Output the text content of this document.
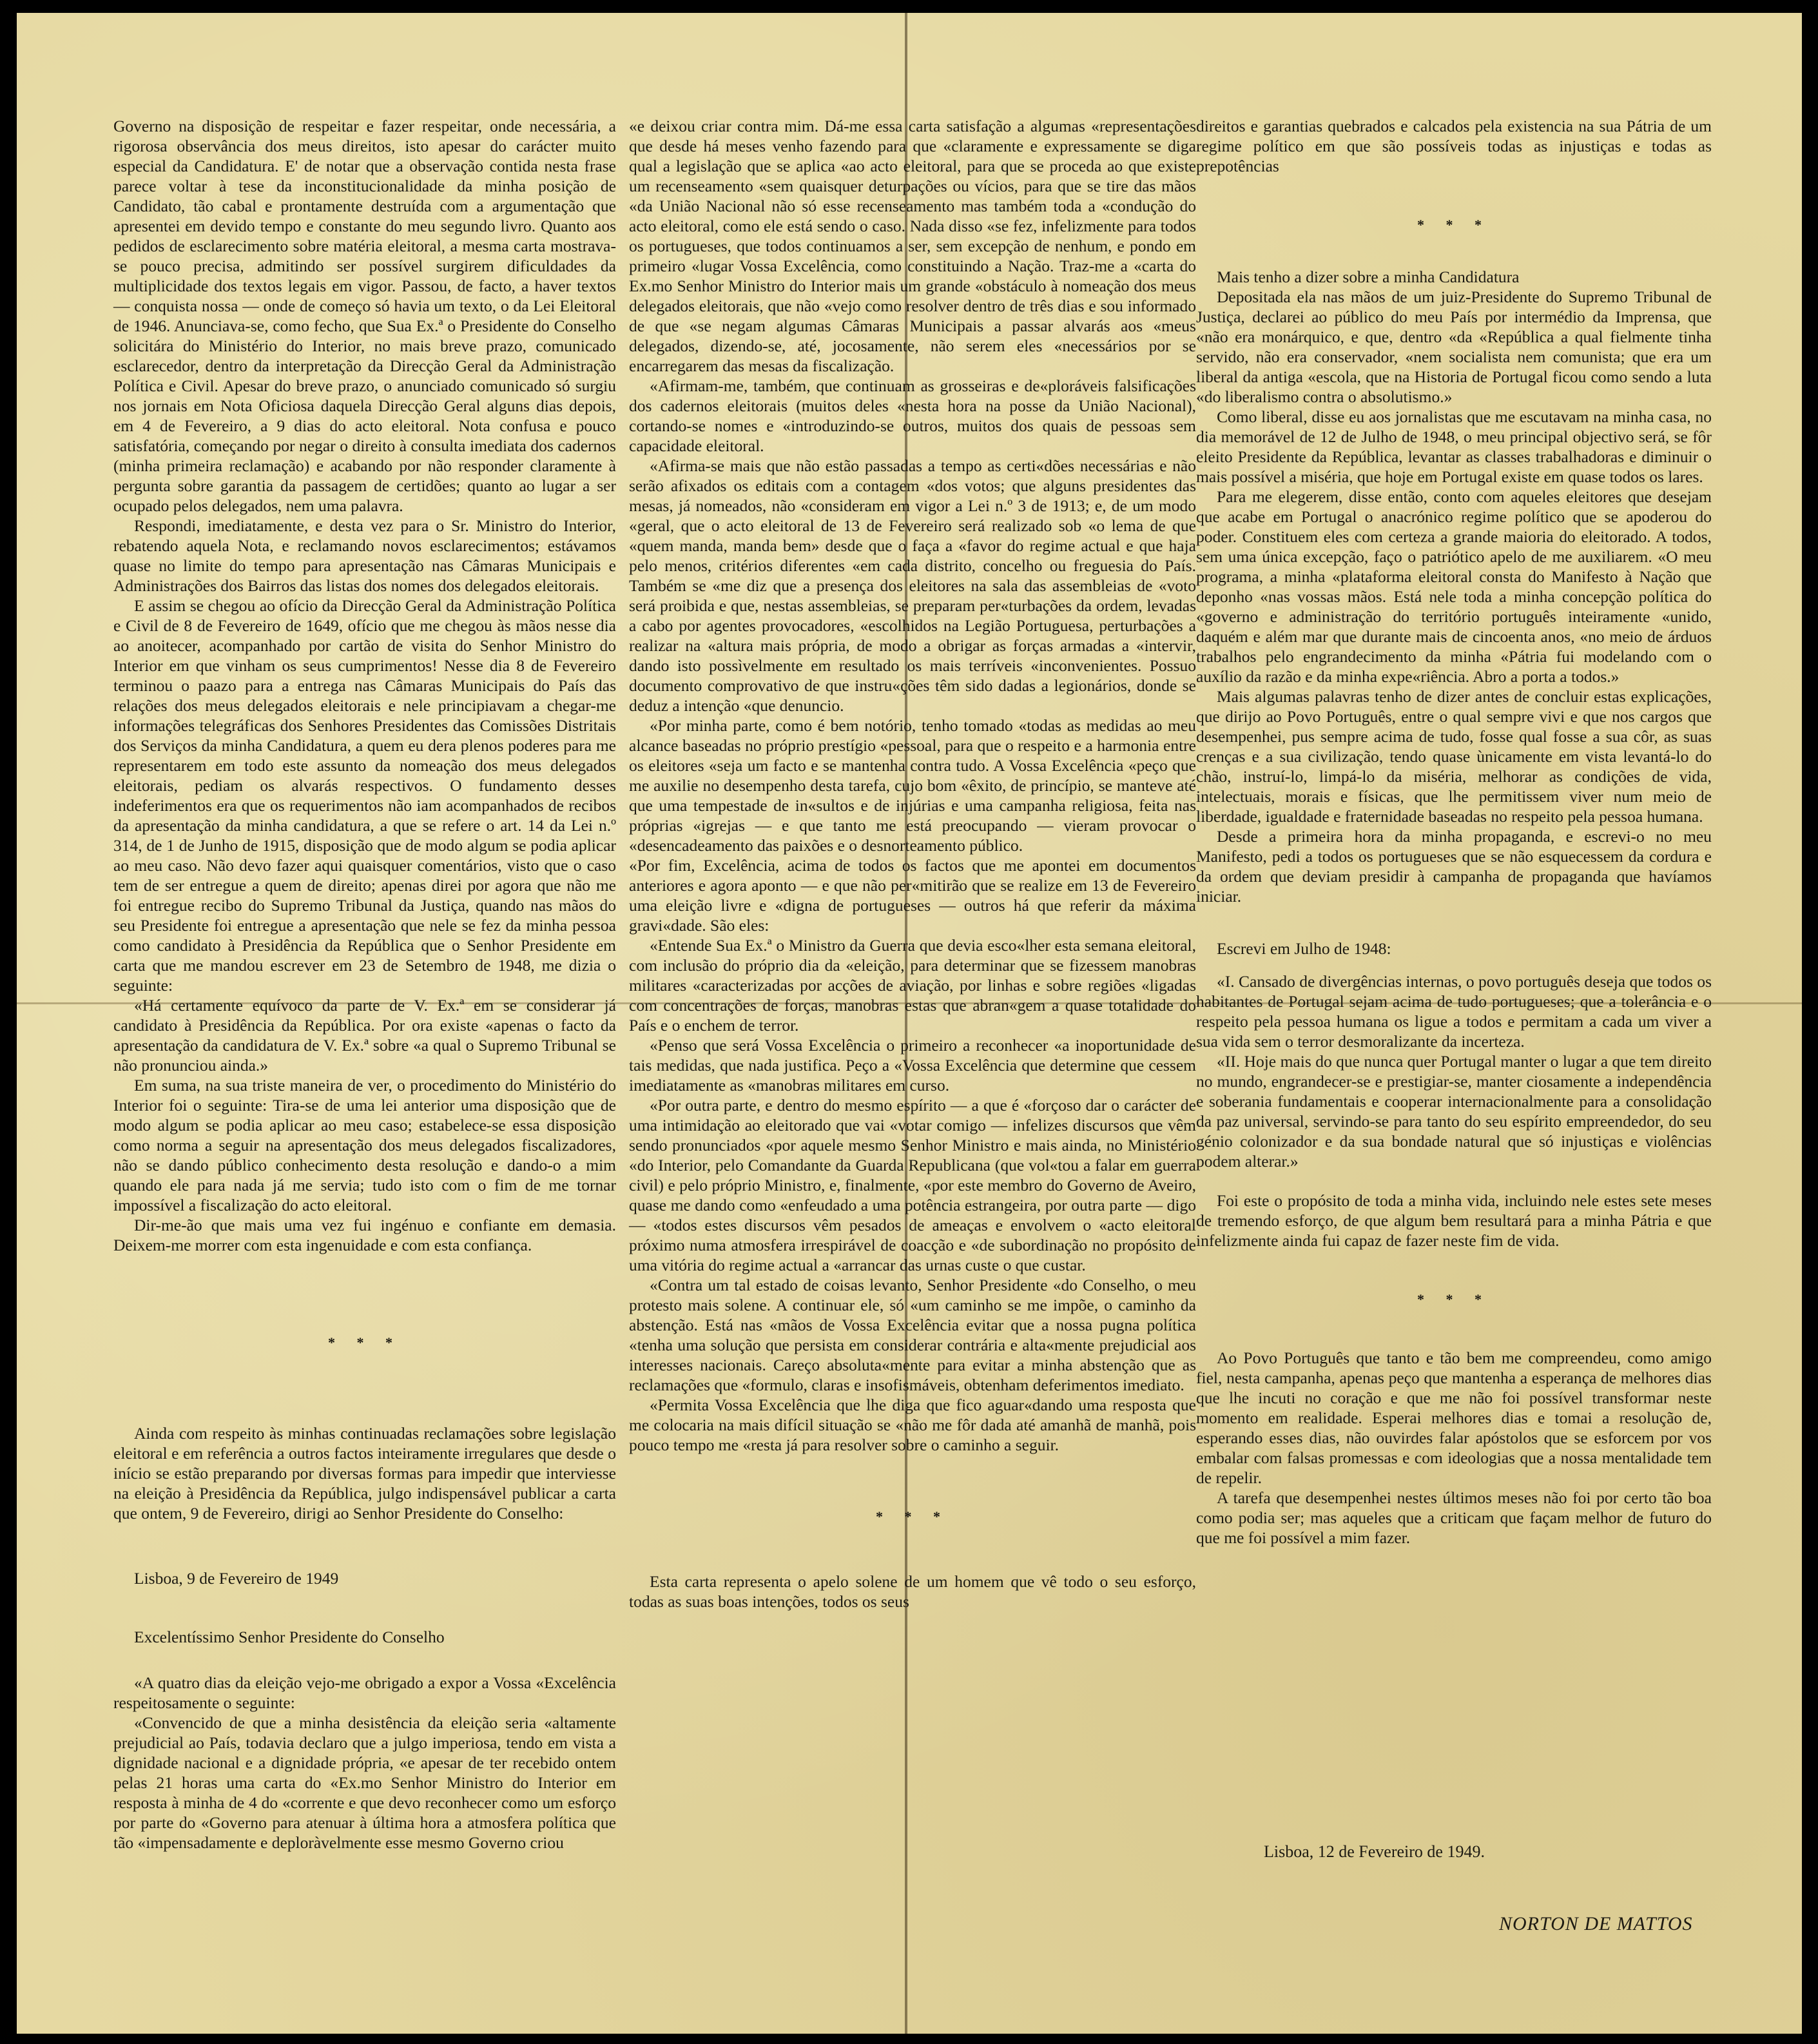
Governo na disposição de respeitar e fazer respeitar, onde necessária, a rigorosa observância dos meus direitos, isto apesar do carácter muito especial da Candidatura. E' de notar que a observação contida nesta frase parece voltar à tese da inconstitucionalidade da minha posição de Candidato, tão cabal e prontamente destruída com a argumentação que apresentei em devido tempo e constante do meu segundo livro. Quanto aos pedidos de esclarecimento sobre matéria eleitoral, a mesma carta mostrava-se pouco precisa, admitindo ser possível surgirem dificuldades da multiplicidade dos textos legais em vigor. Passou, de facto, a haver textos — conquista nossa — onde de começo só havia um texto, o da Lei Eleitoral de 1946. Anunciava-se, como fecho, que Sua Ex.ª o Presidente do Conselho solicitára do Ministério do Interior, no mais breve prazo, comunicado esclarecedor, dentro da interpretação da Direcção Geral da Administração Política e Civil. Apesar do breve prazo, o anunciado comunicado só surgiu nos jornais em Nota Oficiosa daquela Direcção Geral alguns dias depois, em 4 de Fevereiro, a 9 dias do acto eleitoral. Nota confusa e pouco satisfatória, começando por negar o direito à consulta imediata dos cadernos (minha primeira reclamação) e acabando por não responder claramente à pergunta sobre garantia da passagem de certidões; quanto ao lugar a ser ocupado pelos delegados, nem uma palavra.

Respondi, imediatamente, e desta vez para o Sr. Ministro do Interior, rebatendo aquela Nota, e reclamando novos esclarecimentos; estávamos quase no limite do tempo para apresentação nas Câmaras Municipais e Administrações dos Bairros das listas dos nomes dos delegados eleitorais.

E assim se chegou ao ofício da Direcção Geral da Administração Política e Civil de 8 de Fevereiro de 1649, ofício que me chegou às mãos nesse dia ao anoitecer, acompanhado por cartão de visita do Senhor Ministro do Interior em que vinham os seus cumprimentos! Nesse dia 8 de Fevereiro terminou o paazo para a entrega nas Câmaras Municipais do País das relações dos meus delegados eleitorais e nele principiavam a chegar-me informações telegráficas dos Senhores Presidentes das Comissões Distritais dos Serviços da minha Candidatura, a quem eu dera plenos poderes para me representarem em todo este assunto da nomeação dos meus delegados eleitorais, pediam os alvarás respectivos. O fundamento desses indeferimentos era que os requerimentos não iam acompanhados de recibos da apresentação da minha candidatura, a que se refere o art. 14 da Lei n.º 314, de 1 de Junho de 1915, disposição que de modo algum se podia aplicar ao meu caso. Não devo fazer aqui quaisquer comentários, visto que o caso tem de ser entregue a quem de direito; apenas direi por agora que não me foi entregue recibo do Supremo Tribunal da Justiça, quando nas mãos do seu Presidente foi entregue a apresentação que nele se fez da minha pessoa como candidato à Presidência da República que o Senhor Presidente em carta que me mandou escrever em 23 de Setembro de 1948, me dizia o seguinte:

«Há certamente equívoco da parte de V. Ex.ª em se considerar já candidato à Presidência da República. Por ora existe «apenas o facto da apresentação da candidatura de V. Ex.ª sobre «a qual o Supremo Tribunal se não pronunciou ainda.»

Em suma, na sua triste maneira de ver, o procedimento do Ministério do Interior foi o seguinte: Tira-se de uma lei anterior uma disposição que de modo algum se podia aplicar ao meu caso; estabelece-se essa disposição como norma a seguir na apresentação dos meus delegados fiscalizadores, não se dando público conhecimento desta resolução e dando-o a mim quando ele para nada já me servia; tudo isto com o fim de me tornar impossível a fiscalização do acto eleitoral.

Dir-me-ão que mais uma vez fui ingénuo e confiante em demasia. Deixem-me morrer com esta ingenuidade e com esta confiança.

* * *

Ainda com respeito às minhas continuadas reclamações sobre legislação eleitoral e em referência a outros factos inteiramente irregulares que desde o início se estão preparando por diversas formas para impedir que interviesse na eleição à Presidência da República, julgo indispensável publicar a carta que ontem, 9 de Fevereiro, dirigi ao Senhor Presidente do Conselho:

Lisboa, 9 de Fevereiro de 1949

Excelentíssimo Senhor Presidente do Conselho

«A quatro dias da eleição vejo-me obrigado a expor a Vossa «Excelência respeitosamente o seguinte:

«Convencido de que a minha desistência da eleição seria «altamente prejudicial ao País, todavia declaro que a julgo imperiosa, tendo em vista a dignidade nacional e a dignidade própria, «e apesar de ter recebido ontem pelas 21 horas uma carta do «Ex.mo Senhor Ministro do Interior em resposta à minha de 4 do «corrente e que devo reconhecer como um esforço por parte do «Governo para atenuar à última hora a atmosfera política que tão «impensadamente e deploràvelmente esse mesmo Governo criou

«e deixou criar contra mim. Dá-me essa carta satisfação a algumas «representações que desde há meses venho fazendo para que «claramente e expressamente se diga qual a legislação que se aplica «ao acto eleitoral, para que se proceda ao que existe um recenseamento «sem quaisquer deturpações ou vícios, para que se tire das mãos «da União Nacional não só esse recenseamento mas também toda a «condução do acto eleitoral, como ele está sendo o caso. Nada disso «se fez, infelizmente para todos os portugueses, que todos continuamos a ser, sem excepção de nenhum, e pondo em primeiro «lugar Vossa Excelência, como constituindo a Nação. Traz-me a «carta do Ex.mo Senhor Ministro do Interior mais um grande «obstáculo à nomeação dos meus delegados eleitorais, que não «vejo como resolver dentro de três dias e sou informado de que «se negam algumas Câmaras Municipais a passar alvarás aos «meus delegados, dizendo-se, até, jocosamente, não serem eles «necessários por se encarregarem das mesas da fiscalização.

«Afirmam-me, também, que continuam as grosseiras e de«ploráveis falsificações dos cadernos eleitorais (muitos deles «nesta hora na posse da União Nacional), cortando-se nomes e «introduzindo-se outros, muitos dos quais de pessoas sem capacidade eleitoral.

«Afirma-se mais que não estão passadas a tempo as certi«dões necessárias e não serão afixados os editais com a contagem «dos votos; que alguns presidentes das mesas, já nomeados, não «consideram em vigor a Lei n.º 3 de 1913; e, de um modo «geral, que o acto eleitoral de 13 de Fevereiro será realizado sob «o lema de que «quem manda, manda bem» desde que o faça a «favor do regime actual e que haja pelo menos, critérios diferentes «em cada distrito, concelho ou freguesia do País. Também se «me diz que a presença dos eleitores na sala das assembleias de «voto será proibida e que, nestas assembleias, se preparam per«turbações da ordem, levadas a cabo por agentes provocadores, «escolhidos na Legião Portuguesa, perturbações a realizar na «altura mais própria, de modo a obrigar as forças armadas a «intervir, dando isto possìvelmente em resultado os mais terríveis «inconvenientes. Possuo documento comprovativo de que instru«ções têm sido dadas a legionários, donde se deduz a intenção «que denuncio.

«Por minha parte, como é bem notório, tenho tomado «todas as medidas ao meu alcance baseadas no próprio prestígio «pessoal, para que o respeito e a harmonia entre os eleitores «seja um facto e se mantenha contra tudo. A Vossa Excelência «peço que me auxilie no desempenho desta tarefa, cujo bom «êxito, de princípio, se manteve até que uma tempestade de in«sultos e de injúrias e uma campanha religiosa, feita nas próprias «igrejas — e que tanto me está preocupando — vieram provocar o «desencadeamento das paixões e o desnorteamento público.

«Por fim, Excelência, acima de todos os factos que me apontei em documentos anteriores e agora aponto — e que não per«mitirão que se realize em 13 de Fevereiro uma eleição livre e «digna de portugueses — outros há que referir da máxima gravi«dade. São eles:

«Entende Sua Ex.ª o Ministro da Guerra que devia esco«lher esta semana eleitoral, com inclusão do próprio dia da «eleição, para determinar que se fizessem manobras militares «caracterizadas por acções de aviação, por linhas e sobre regiões «ligadas com concentrações de forças, manobras estas que abran«gem a quase totalidade do País e o enchem de terror.

«Penso que será Vossa Excelência o primeiro a reconhecer «a inoportunidade de tais medidas, que nada justifica. Peço a «Vossa Excelência que determine que cessem imediatamente as «manobras militares em curso.

«Por outra parte, e dentro do mesmo espírito — a que é «forçoso dar o carácter de uma intimidação ao eleitorado que vai «votar comigo — infelizes discursos que vêm sendo pronunciados «por aquele mesmo Senhor Ministro e mais ainda, no Ministério «do Interior, pelo Comandante da Guarda Republicana (que vol«tou a falar em guerra civil) e pelo próprio Ministro, e, finalmente, «por este membro do Governo de Aveiro, quase me dando como «enfeudado a uma potência estrangeira, por outra parte — digo — «todos estes discursos vêm pesados de ameaças e envolvem o «acto eleitoral próximo numa atmosfera irrespirável de coacção e «de subordinação no propósito de uma vitória do regime actual a «arrancar das urnas custe o que custar.

«Contra um tal estado de coisas levanto, Senhor Presidente «do Conselho, o meu protesto mais solene. A continuar ele, só «um caminho se me impõe, o caminho da abstenção. Está nas «mãos de Vossa Excelência evitar que a nossa pugna política «tenha uma solução que persista em considerar contrária e alta«mente prejudicial aos interesses nacionais. Careço absoluta«mente para evitar a minha abstenção que as reclamações que «formulo, claras e insofismáveis, obtenham deferimentos imediato.

«Permita Vossa Excelência que lhe diga que fico aguar«dando uma resposta que me colocaria na mais difícil situação se «não me fôr dada até amanhã de manhã, pois pouco tempo me «resta já para resolver sobre o caminho a seguir.

* * *

Esta carta representa o apelo solene de um homem que vê todo o seu esforço, todas as suas boas intenções, todos os seus

direitos e garantias quebrados e calcados pela existencia na sua Pátria de um regime político em que são possíveis todas as injustiças e todas as prepotências

* * *

Mais tenho a dizer sobre a minha Candidatura

Depositada ela nas mãos de um juiz-Presidente do Supremo Tribunal de Justiça, declarei ao público do meu País por intermédio da Imprensa, que «não era monárquico, e que, dentro «da «República a qual fielmente tinha servido, não era conservador, «nem socialista nem comunista; que era um liberal da antiga «escola, que na Historia de Portugal ficou como sendo a luta «do liberalismo contra o absolutismo.»

Como liberal, disse eu aos jornalistas que me escutavam na minha casa, no dia memorável de 12 de Julho de 1948, o meu principal objectivo será, se fôr eleito Presidente da República, levantar as classes trabalhadoras e diminuir o mais possível a miséria, que hoje em Portugal existe em quase todos os lares.

Para me elegerem, disse então, conto com aqueles eleitores que desejam que acabe em Portugal o anacrónico regime político que se apoderou do poder. Constituem eles com certeza a grande maioria do eleitorado. A todos, sem uma única excepção, faço o patriótico apelo de me auxiliarem. «O meu programa, a minha «plataforma eleitoral consta do Manifesto à Nação que deponho «nas vossas mãos. Está nele toda a minha concepção política do «governo e administração do território português inteiramente «unido, daquém e além mar que durante mais de cincoenta anos, «no meio de árduos trabalhos pelo engrandecimento da minha «Pátria fui modelando com o auxílio da razão e da minha expe«riência. Abro a porta a todos.»

Mais algumas palavras tenho de dizer antes de concluir estas explicações, que dirijo ao Povo Português, entre o qual sempre vivi e que nos cargos que desempenhei, pus sempre acima de tudo, fosse qual fosse a sua côr, as suas crenças e a sua civilização, tendo quase ùnicamente em vista levantá-lo do chão, instruí-lo, limpá-lo da miséria, melhorar as condições de vida, intelectuais, morais e físicas, que lhe permitissem viver num meio de liberdade, igualdade e fraternidade baseadas no respeito pela pessoa humana.

Desde a primeira hora da minha propaganda, e escrevi-o no meu Manifesto, pedi a todos os portugueses que se não esquecessem da cordura e da ordem que deviam presidir à campanha de propaganda que havíamos iniciar.

Escrevi em Julho de 1948:

«I. Cansado de divergências internas, o povo português deseja que todos os habitantes de Portugal sejam acima de tudo portugueses; que a tolerância e o respeito pela pessoa humana os ligue a todos e permitam a cada um viver a sua vida sem o terror desmoralizante da incerteza.

«II. Hoje mais do que nunca quer Portugal manter o lugar a que tem direito no mundo, engrandecer-se e prestigiar-se, manter ciosamente a independência e soberania fundamentais e cooperar internacionalmente para a consolidação da paz universal, servindo-se para tanto do seu espírito empreendedor, do seu génio colonizador e da sua bondade natural que só injustiças e violências podem alterar.»

Foi este o propósito de toda a minha vida, incluindo nele estes sete meses de tremendo esforço, de que algum bem resultará para a minha Pátria e que infelizmente ainda fui capaz de fazer neste fim de vida.

* * *

Ao Povo Português que tanto e tão bem me compreendeu, como amigo fiel, nesta campanha, apenas peço que mantenha a esperança de melhores dias que lhe incuti no coração e que me não foi possível transformar neste momento em realidade. Esperai melhores dias e tomai a resolução de, esperando esses dias, não ouvirdes falar apóstolos que se esforcem por vos embalar com falsas promessas e com ideologias que a nossa mentalidade tem de repelir.

A tarefa que desempenhei nestes últimos meses não foi por certo tão boa como podia ser; mas aqueles que a criticam que façam melhor de futuro do que me foi possível a mim fazer.

Lisboa, 12 de Fevereiro de 1949.
NORTON DE MATTOS
